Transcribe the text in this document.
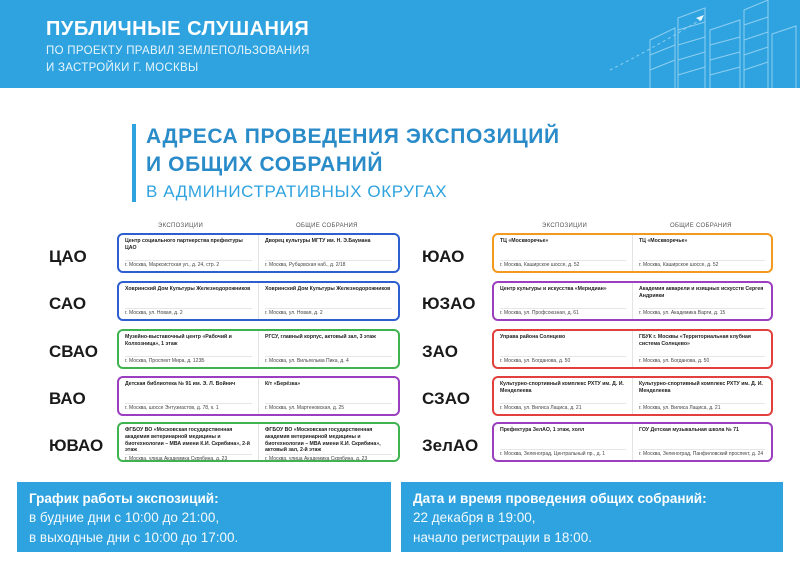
ПУБЛИЧНЫЕ СЛУШАНИЯ
ПО ПРОЕКТУ ПРАВИЛ ЗЕМЛЕПОЛЬЗОВАНИЯ
И ЗАСТРОЙКИ Г. МОСКВЫ
АДРЕСА ПРОВЕДЕНИЯ ЭКСПОЗИЦИЙ
И ОБЩИХ СОБРАНИЙ
В АДМИНИСТРАТИВНЫХ ОКРУГАХ
ЭКСПОЗИЦИИ	ОБЩИЕ СОБРАНИЯ	ЭКСПОЗИЦИИ	ОБЩИЕ СОБРАНИЯ
ЦАО
Центр социального партнерства префектуры ЦАО
г. Москва, Марксистская ул., д. 24, стр. 2
Дворец культуры МГТУ им. Н. Э.Баумана
г. Москва, Рубцовская наб., д. 2/18
САО
Ховринский Дом Культуры Железнодорожников
г. Москва, ул. Новая, д. 2
Ховринский Дом Культуры Железнодорожников
г. Москва, ул. Новая, д. 2
СВАО
Музейно-выставочный центр «Рабочий и Колхозница», 1 этаж
г. Москва, Проспект Мира, д. 123Б
РГСУ, главный корпус, актовый зал, 3 этаж
г. Москва, ул. Вильгельма Пика, д. 4
ВАО
Детская библиотека № 91 им. Э. Л. Войнич
г. Москва, шоссе Энтузиастов, д. 78, к. 1
К/т «Берёзка»
г. Москва, ул. Мартеновская, д. 25
ЮВАО
ФГБОУ ВО «Московская государственная академия ветеринарной медицины и биотехнологии – МВА имени К.И. Скрябина», 2-й этаж
г. Москва, улица Академика Скрябина, д. 23
ФГБОУ ВО «Московская государственная академия ветеринарной медицины и биотехнологии – МВА имени К.И. Скрябина», актовый зал, 2-й этаж
г. Москва, улица Академика Скрябина, д. 23
ЮАО
ТЦ «Москворечье»
г. Москва, Каширское шоссе, д. 52
ТЦ «Москворечье»
г. Москва, Каширское шоссе, д. 52
ЮЗАО
Центр культуры и искусства «Меридиан»
г. Москва, ул. Профсоюзная, д. 61
Академия акварели и изящных искусств Сергея Андрияки
г. Москва, ул. Академика Варги, д. 15
ЗАО
Управа района Солнцево
г. Москва, ул. Богданова, д. 50
ГБУК г. Москвы «Территориальная клубная система Солнцево»
г. Москва, ул. Богданова, д. 50
СЗАО
Культурно-спортивный комплекс РХТУ им. Д. И. Менделеева
г. Москва, ул. Вилиса Лациса, д. 21
Культурно-спортивный комплекс РХТУ им. Д. И. Менделеева
г. Москва, ул. Вилиса Лациса, д. 21
ЗелАО
Префектура ЗелАО, 1 этаж, холл
г. Москва, Зеленоград, Центральный пр., д. 1
ГОУ Детская музыкальная школа № 71
г. Москва, Зеленоград, Панфиловский проспект, д. 24
График работы экспозиций:
в будние дни с 10:00 до 21:00,
в выходные дни с 10:00 до 17:00.
Дата и время проведения общих собраний:
22 декабря в 19:00,
начало регистрации в 18:00.
